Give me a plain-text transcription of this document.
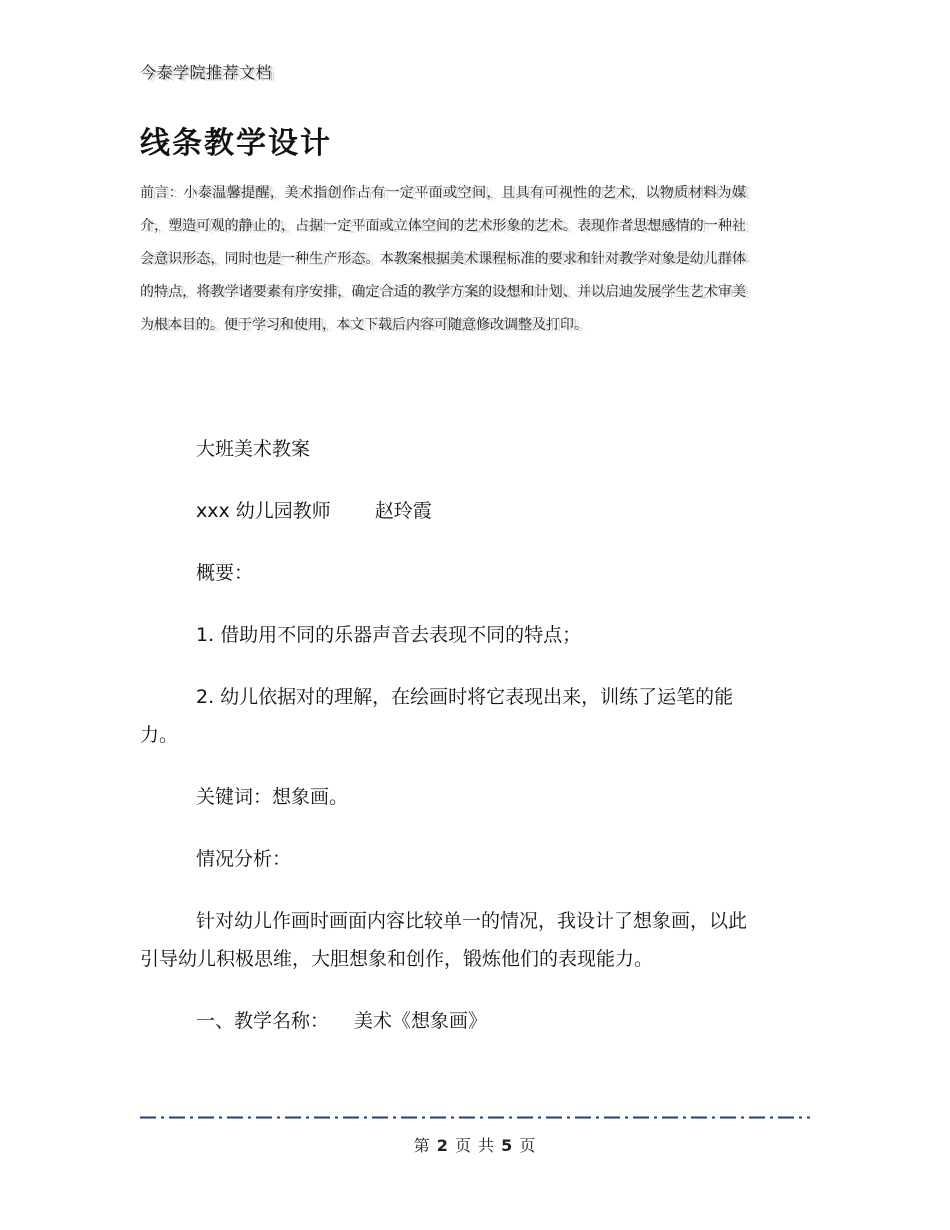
今泰学院推荐文档
线条教学设计
前言：小泰温馨提醒，美术指创作占有一定平面或空间，且具有可视性的艺术，以物质材料为媒介，塑造可观的静止的，占据一定平面或立体空间的艺术形象的艺术。表现作者思想感情的一种社会意识形态，同时也是一种生产形态。本教案根据美术课程标准的要求和针对教学对象是幼儿群体的特点，将教学诸要素有序安排，确定合适的教学方案的设想和计划、并以启迪发展学生艺术审美为根本目的。便于学习和使用，本文下载后内容可随意修改调整及打印。

大班美术教案

xxx 幼儿园教师 　　赵玲霞

概要：

1. 借助用不同的乐器声音去表现不同的特点；

2. 幼儿依据对的理解，在绘画时将它表现出来，训练了运笔的能力。

关键词：想象画。

情况分析：

针对幼儿作画时画面内容比较单一的情况，我设计了想象画，以此引导幼儿积极思维，大胆想象和创作，锻炼他们的表现能力。

一、教学名称： 　美术《想象画》

第 2 页 共 5 页
